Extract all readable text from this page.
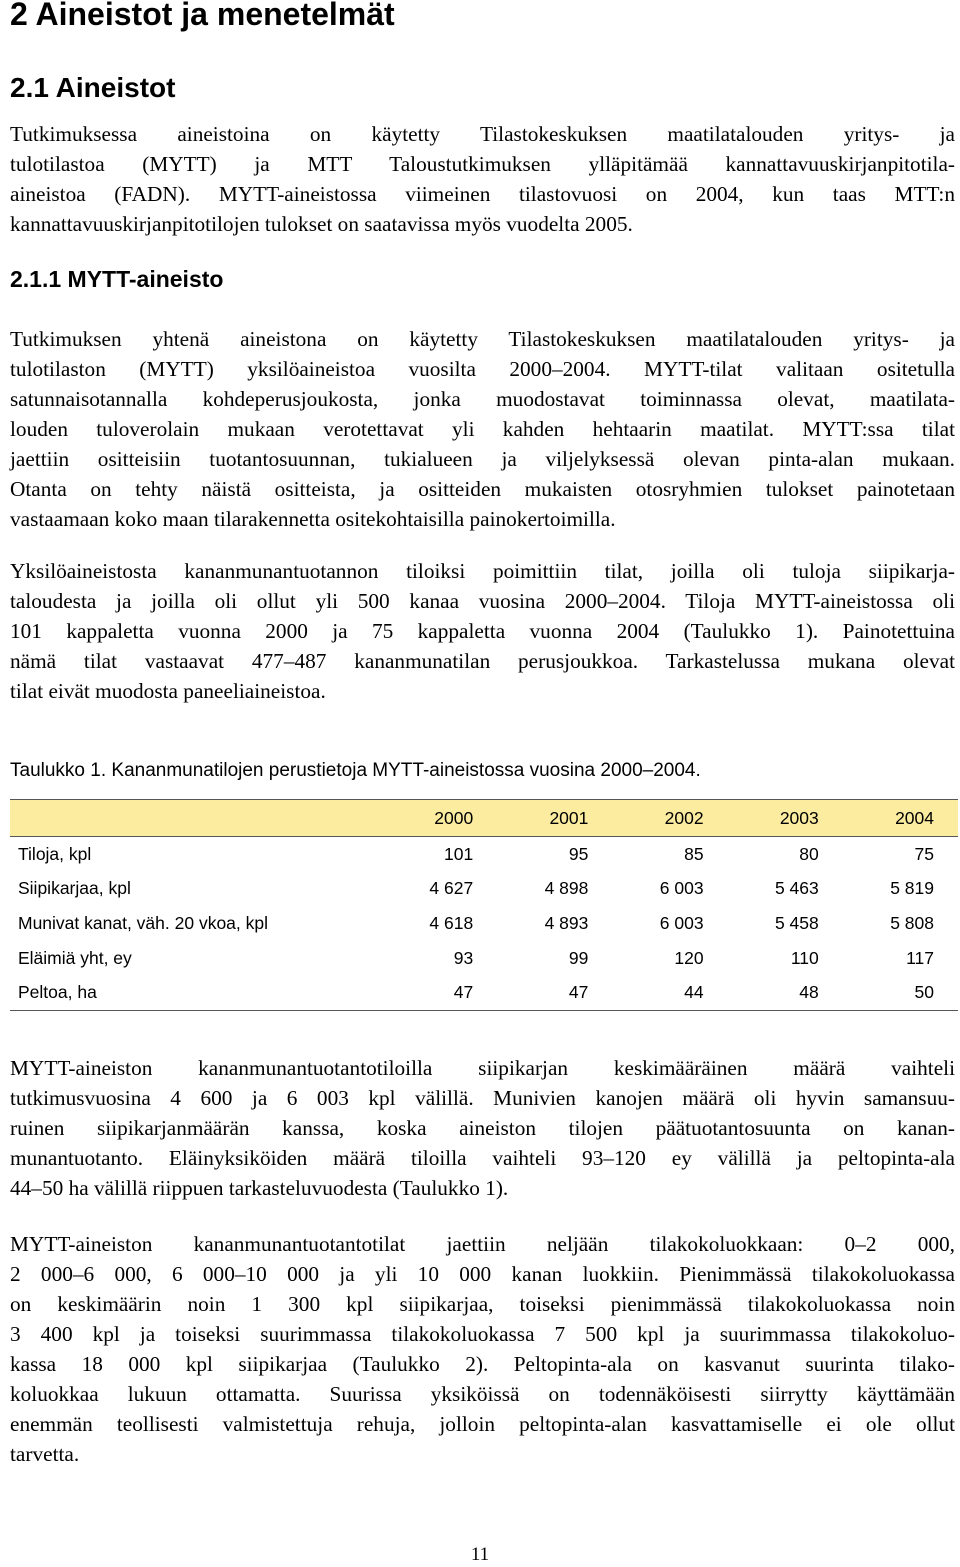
2 Aineistot ja menetelmät
2.1 Aineistot

Tutkimuksessa aineistoina on käytetty Tilastokeskuksen maatilatalouden yritys- ja
tulotilastoa (MYTT) ja MTT Taloustutkimuksen ylläpitämää kannattavuuskirjanpitotila-
aineistoa (FADN). MYTT-aineistossa viimeinen tilastovuosi on 2004, kun taas MTT:n
kannattavuuskirjanpitotilojen tulokset on saatavissa myös vuodelta 2005.

2.1.1 MYTT-aineisto

Tutkimuksen yhtenä aineistona on käytetty Tilastokeskuksen maatilatalouden yritys- ja
tulotilaston (MYTT) yksilöaineistoa vuosilta 2000–2004. MYTT-tilat valitaan ositetulla
satunnaisotannalla kohdeperusjoukosta, jonka muodostavat toiminnassa olevat, maatilata-
louden tuloverolain mukaan verotettavat yli kahden hehtaarin maatilat. MYTT:ssa tilat
jaettiin ositteisiin tuotantosuunnan, tukialueen ja viljelyksessä olevan pinta-alan mukaan.
Otanta on tehty näistä ositteista, ja ositteiden mukaisten otosryhmien tulokset painotetaan
vastaamaan koko maan tilarakennetta ositekohtaisilla painokertoimilla.

Yksilöaineistosta kananmunantuotannon tiloiksi poimittiin tilat, joilla oli tuloja siipikarja-
taloudesta ja joilla oli ollut yli 500 kanaa vuosina 2000–2004. Tiloja MYTT-aineistossa oli
101 kappaletta vuonna 2000 ja 75 kappaletta vuonna 2004 (Taulukko 1). Painotettuina
nämä tilat vastaavat 477–487 kananmunatilan perusjoukkoa. Tarkastelussa mukana olevat
tilat eivät muodosta paneeliaineistoa.

Taulukko 1. Kananmunatilojen perustietoja MYTT-aineistossa vuosina 2000–2004.

	2000	2001	2002	2003	2004
Tiloja, kpl	101	95	85	80	75
Siipikarjaa, kpl	4 627	4 898	6 003	5 463	5 819
Munivat kanat, väh. 20 vkoa, kpl	4 618	4 893	6 003	5 458	5 808
Eläimiä yht, ey	93	99	120	110	117
Peltoa, ha	47	47	44	48	50

MYTT-aineiston kananmunantuotantotiloilla siipikarjan keskimääräinen määrä vaihteli
tutkimusvuosina 4 600 ja 6 003 kpl välillä. Munivien kanojen määrä oli hyvin samansuu-
ruinen siipikarjanmäärän kanssa, koska aineiston tilojen päätuotantosuunta on kanan-
munantuotanto. Eläinyksiköiden määrä tiloilla vaihteli 93–120 ey välillä ja peltopinta-ala
44–50 ha välillä riippuen tarkasteluvuodesta (Taulukko 1).

MYTT-aineiston kananmunantuotantotilat jaettiin neljään tilakokoluokkaan: 0–2 000,
2 000–6 000, 6 000–10 000 ja yli 10 000 kanan luokkiin. Pienimmässä tilakokoluokassa
on keskimäärin noin 1 300 kpl siipikarjaa, toiseksi pienimmässä tilakokoluokassa noin
3 400 kpl ja toiseksi suurimmassa tilakokoluokassa 7 500 kpl ja suurimmassa tilakokoluo-
kassa 18 000 kpl siipikarjaa (Taulukko 2). Peltopinta-ala on kasvanut suurinta tilako-
koluokkaa lukuun ottamatta. Suurissa yksiköissä on todennäköisesti siirrytty käyttämään
enemmän teollisesti valmistettuja rehuja, jolloin peltopinta-alan kasvattamiselle ei ole ollut
tarvetta.

11
